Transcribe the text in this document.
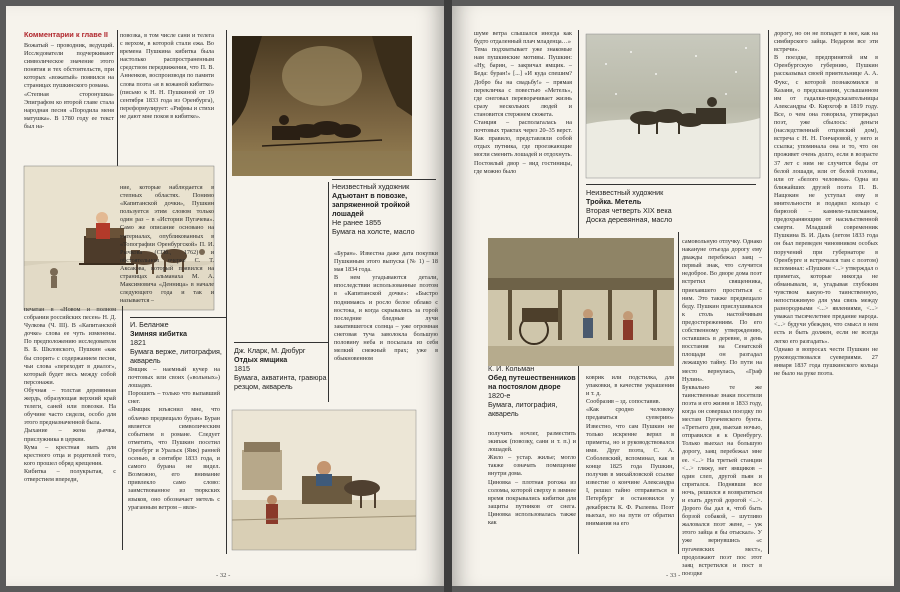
Комментарии к главе II

Вожатый – проводник, ведущий. Исследователи подчеркивают символическое значение этого понятия и тех обстоятельств, при которых «вожатый» появился на страницах пушкинского романа.

«Степная сторонушка» Эпиграфом ко второй главе стала народная песня «Породила меня матушка». В 1780 году ее текст был на-

повозка, в том числе сани и телега с верхом, в которой стали ежа. Во времена Пушкина кибитка была настолько распространенным средством передвижения, что П. В. Анненков, воспроизводя по памяти слова поэта «я в кожаной кибитке» (письмо к Н. Н. Пушкиной от 19 сентября 1833 года из Оренбурга), переформулирует: «Рифмы и стихи не дают мне покоя в кибитке».

ние, которые наблюдается в степных областях. Понимо «Капитанской дочки», Пушкин пользуется этим словом только один раз – в «Истории Пугачева». Само же описание основано на материалах, опубликованных в «Топографии Оренбургской» П. И. Рычкова (СПб., 1762) и обстоятельном очерке С. Т. Аксакова, который появился на страницах альманаха М. А. Максимовича «Денница» в начале следующего года и так и называется –

И. Беланже
Зимняя кибитка
1821
Бумага верже, литография, акварель

печатан в «Новом и полном собрании российских песен» Н. Д. Чулкова (Ч. III). В «Капитанской дочке» слова ее чуть изменены. По предположению исследователя В. Б. Шкловского, Пушкин «как бы спорит» с содержанием песни, чьи слова «переходят в диалог», который будет весь между собой персонажи.

Обучная – толстая деревянная жердь, образующая верхний край телеги, саней или повозки. На обучине часто сидели, особо для этого предназначенной была.

Дыхание – жена дьячка, прислужника в церкви.

Кума – крестная мать для крестного отца и родителей того, кого прошел обряд крещения.

Кибитка – полукрытая, с отверстием впереди,

Ямщик – наемный кучер на почтовых или своих («вольных») лошадях.

Порошить – только что выпавший снег.

«Ямщик изъяснил мне, что облачко предвещало буран» Буран является символическим событием в романе. Следует отметить, что Пушкин посетил Оренбург и Уральск (Яик) ранней осенью, в сентябре 1833 года, и самого бурана не видел. Возможно, его внимание привлекло само слово: заимствованное из тюркских языков, оно обозначает метель с ураганным ветром – явле-

Неизвестный художник
Адъютант в повозке, запряженной тройкой лошадей
Не ранее 1855
Бумага на холсте, масло
Дж. Кларк, М. Дюбург
Отдых ямщика
1815
Бумага, акватинта, гравюра резцом, акварель

«Буран». Известна даже дата покупки Пушкиным этого выпуска (№ 1) – 18 мая 1834 года.

В нем угадываются детали, впоследствии использованные поэтом в «Капитанской дочке»: «Быстро поднимаясь и росло белое облако с востока, и когда скрывались за горой последние бледные лучи закатившегося солнца – уже огромная снеговая туча заволокла большую половину неба и посылала из себя мелкий снежный прах; уже в обыкновенном

- 32 -

шуме ветра слышался иногда как будто отдаленный плач младенца…»

Тема подхватывает уже знакомые нам пушкинские мотивы. Пушкин: «Ну, барин, – закричал ямщик. – Беда: буран!» [...] «И куда спешим? Добро бы на свадьбу!» – прямая перекличка с повестью «Метель», где снеговал переворачивает жизнь сразу нескольких людей и становится стержнем сюжета.

Станция – располагалась на почтовых трактах через 20–35 верст. Как правило, представляли собой отдых путника, где проезжающие могли сменить лошадей и отдохнуть.

Постоялый двор – вид гостиницы, где можно было

Неизвестный художник
Тройка. Метель
Вторая четверть XIX века
Доска деревянная, масло

самовольную отлучку. Однако накануне отъезда дорогу ему дважды перебежал заяц – первый знак, что случится недоброе. Во дворе дома поэт встретил священника, приехавшего проститься с ним. Это также предвещало беду. Пушкин прислушивался к столь настойчивым предостережениям. По его собственному утверждению, оставшись в деревне, в день восстания на Сенатской площади он разгадал лежащую тайну. По пути на место вернулась, «Граф Нулин».

Буквально те же таинственные знаки посетили поэта и его жизни в 1833 году, когда он совершал поездку по местам Пугачевского бунта. «Третьего дня, выехав ночью, отправился я к Оренбургу. Только выехал на большую дорогу, заяц перебежал мне ее. <...> На третьей станции <...> гляжу, нет ямщиков – один слеп, другой пьян и спрятался. Поднявши все ночь, решился я возвратиться и ехать другой дорогой <...>. Дорого бы дал я, чтоб быть борзой собакой, – шутливо жаловался поэт жене, – уж этого зайца я бы отыскал». У уже вернувшись «с пугачевских мест», продолжают поэт пос этот заяц встретился и пост в поездке

коврик или подстилка, для упаковки, в качестве украшения и т. д.

Сообразив – зд. сопоставив.

«Как сродно человеку предаваться суеверию» Известно, что сам Пушкин не только искренне верил в приметы, но и руководствовался ими. Друг поэта, С. А. Соболевский, вспоминал, как в конце 1825 года Пушкин, получив в михайловской ссылке известие о кончине Александра I, решил тайно отправиться в Петербург и остановился у декабриста К. Ф. Рылеева. Поэт выехал, но на пути от обратил внимания на его

К. И. Кольман
Обед путешественников на постоялом дворе
1820-е
Бумага, литография, акварель

получить ночлег, разместить экипаж (повозку, сани и т. п.) и лошадей.

Жило – устар. жилье; могло также означать помещение внутри дома.

Циновка – плотная рогожа из соломы, которой сверху в зимнее время покрывались кибитки для защиты путников от снега. Циновка использовалась также как

дорогу, но он не попадет в нее, как на симбирского зайца. Недаром все эти встречи».

В поездке, предпринятой им в Оренбургскую губернию, Пушкин рассказывал своей приятельнице А. А. Фукс, с которой познакомился в Казани, о предсказании, услышанном им от гадалки-предсказательницы Александры Ф. Кирхгоф в 1819 году. Все, о чем она говорила, утверждал поэт, уже сбылось: деньги (наследственный отцовский дом), встреча с Н. Н. Гончаровой, у него и ссылка; упоминала она и то, что он проживет очень долго, если в возрасте 37 лет с ним не случится беды от белой лошади, или от белой головы, или от «белого человека». Одна из ближайших друзей поэта П. В. Нащокин не уступал ему в мнительности и подарил кольцо с бирюзой – камнем-талисманом, предохраняющим от насильственной смерти. Младший современник Пушкина В. И. Даль (летом 1833 года он был переведен чиновником особых поручений при губернаторе в Оренбурге и встречался там с поэтом) вспоминал: «Пушкин <...> утверждал о приметах, которые никогда не обманывали, и, угадывая глубоким чувством какую-то таинственную, непостижимую для ума связь между разнородными <...> явлениями, <...> уважал тысячелетнее предание народа. <...> будучи убежден, что смысл в нем есть и быть должен, если не всегда легко его разгадать».

Однако в вопросах чести Пушкин не руководствовался суевериями. 27 января 1837 года пушкинского кольца не было на руке поэта.

- 33 -
